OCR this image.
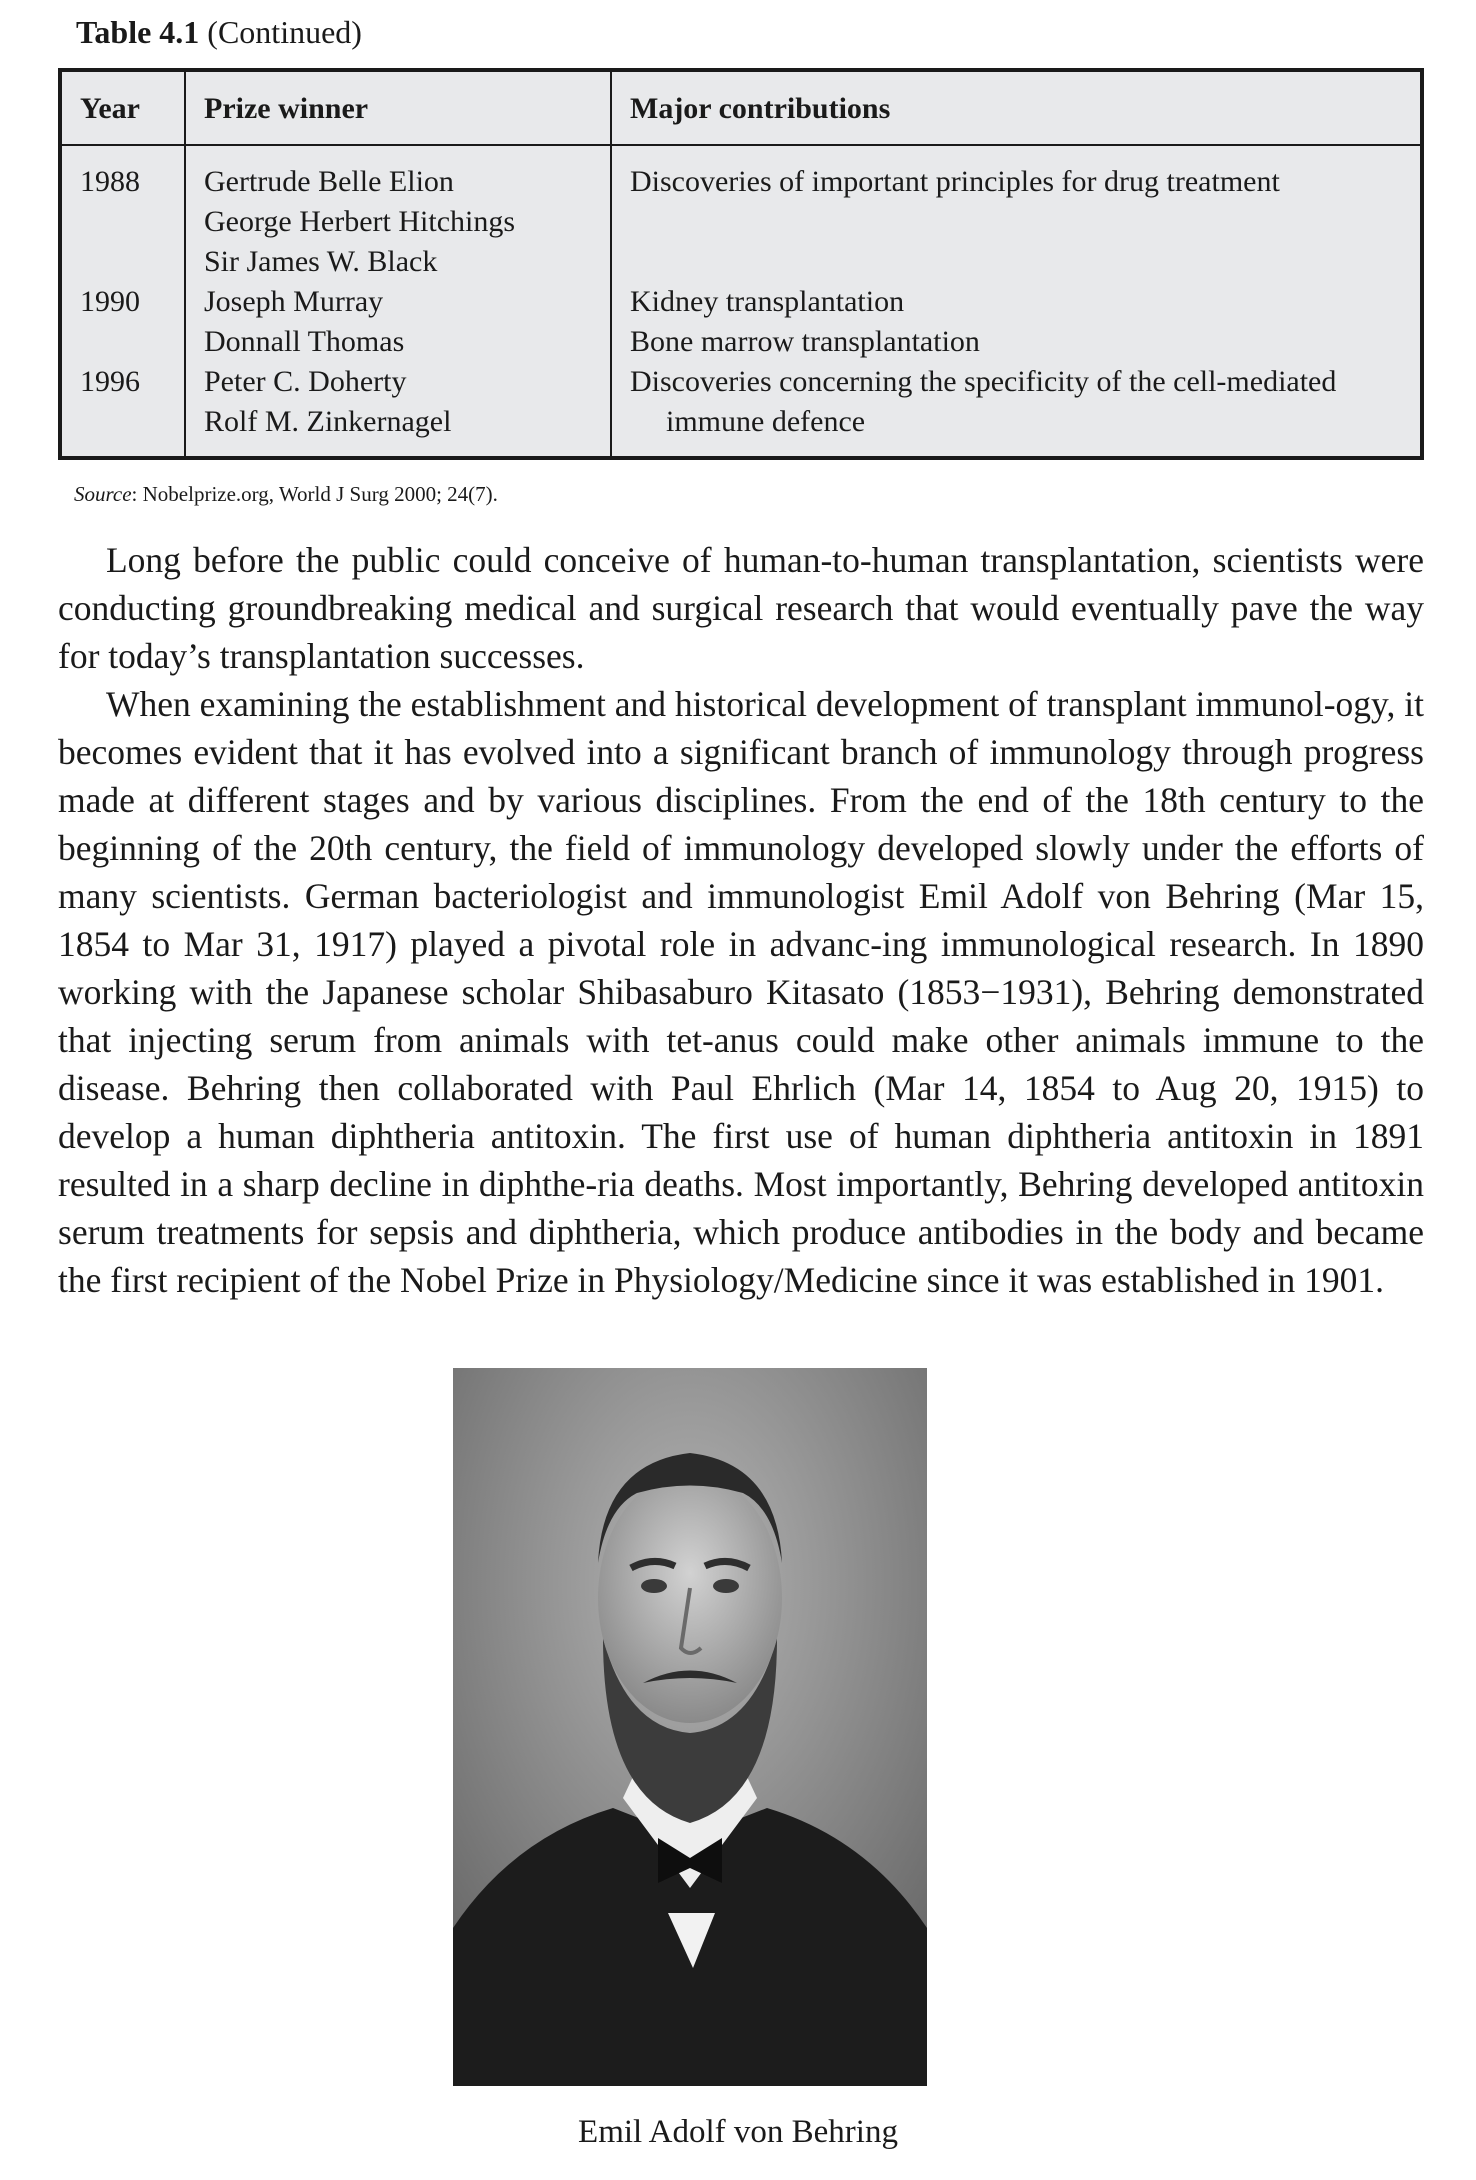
Table 4.1 (Continued)
Year	Prize winner	Major contributions
1988	Gertrude Belle Elion	Discoveries of important principles for drug treatment
	George Herbert Hitchings	
	Sir James W. Black	
1990	Joseph Murray	Kidney transplantation
	Donnall Thomas	Bone marrow transplantation
1996	Peter C. Doherty	Discoveries concerning the specificity of the cell-mediated
	Rolf M. Zinkernagel	immune defence
Source: Nobelprize.org, World J Surg 2000; 24(7).

Long before the public could conceive of human-to-human transplantation, scientists were conducting groundbreaking medical and surgical research that would eventually pave the way for today’s transplantation successes.

When examining the establishment and historical development of transplant immunol-ogy, it becomes evident that it has evolved into a significant branch of immunology through progress made at different stages and by various disciplines. From the end of the 18th century to the beginning of the 20th century, the field of immunology developed slowly under the efforts of many scientists. German bacteriologist and immunologist Emil Adolf von Behring (Mar 15, 1854 to Mar 31, 1917) played a pivotal role in advanc-ing immunological research. In 1890 working with the Japanese scholar Shibasaburo Kitasato (1853−1931), Behring demonstrated that injecting serum from animals with tet-anus could make other animals immune to the disease. Behring then collaborated with Paul Ehrlich (Mar 14, 1854 to Aug 20, 1915) to develop a human diphtheria antitoxin. The first use of human diphtheria antitoxin in 1891 resulted in a sharp decline in diphthe-ria deaths. Most importantly, Behring developed antitoxin serum treatments for sepsis and diphtheria, which produce antibodies in the body and became the first recipient of the Nobel Prize in Physiology/Medicine since it was established in 1901.

Emil Adolf von Behring
